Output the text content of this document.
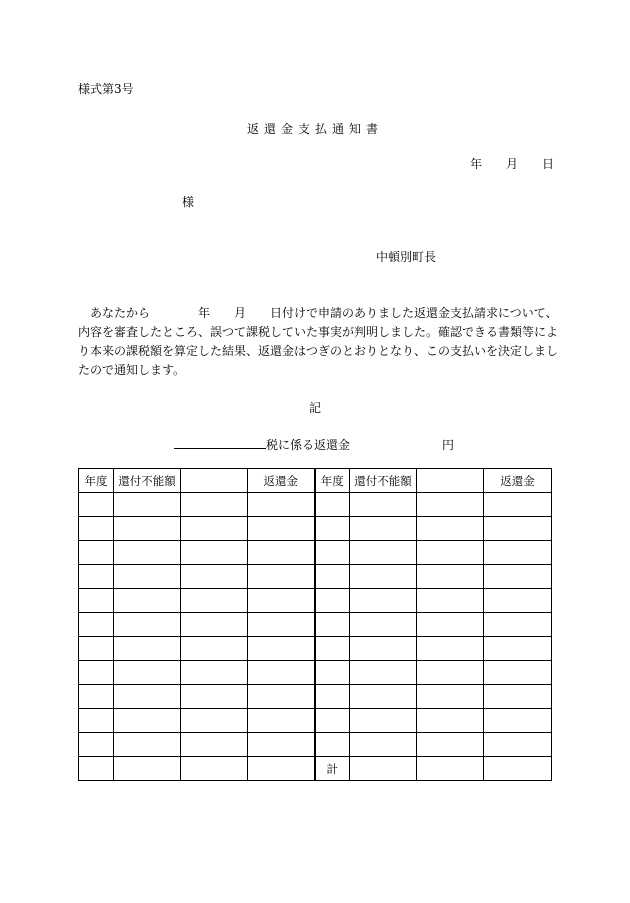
様式第3号
返還金支払通知書
年 月 日
様
中頓別町長
あなたから　　　　年　　月　　日付けで申請のありました返還金支払請求について、
内容を審査したところ、誤つて課税していた事実が判明しました。確認できる書類等によ
り本来の課税額を算定した結果、返還金はつぎのとおりとなり、この支払いを決定しまし
たので通知します。
記
税に係る返還金	円
年度	還付不能額		返還金	年度	還付不能額		返還金

				計			
